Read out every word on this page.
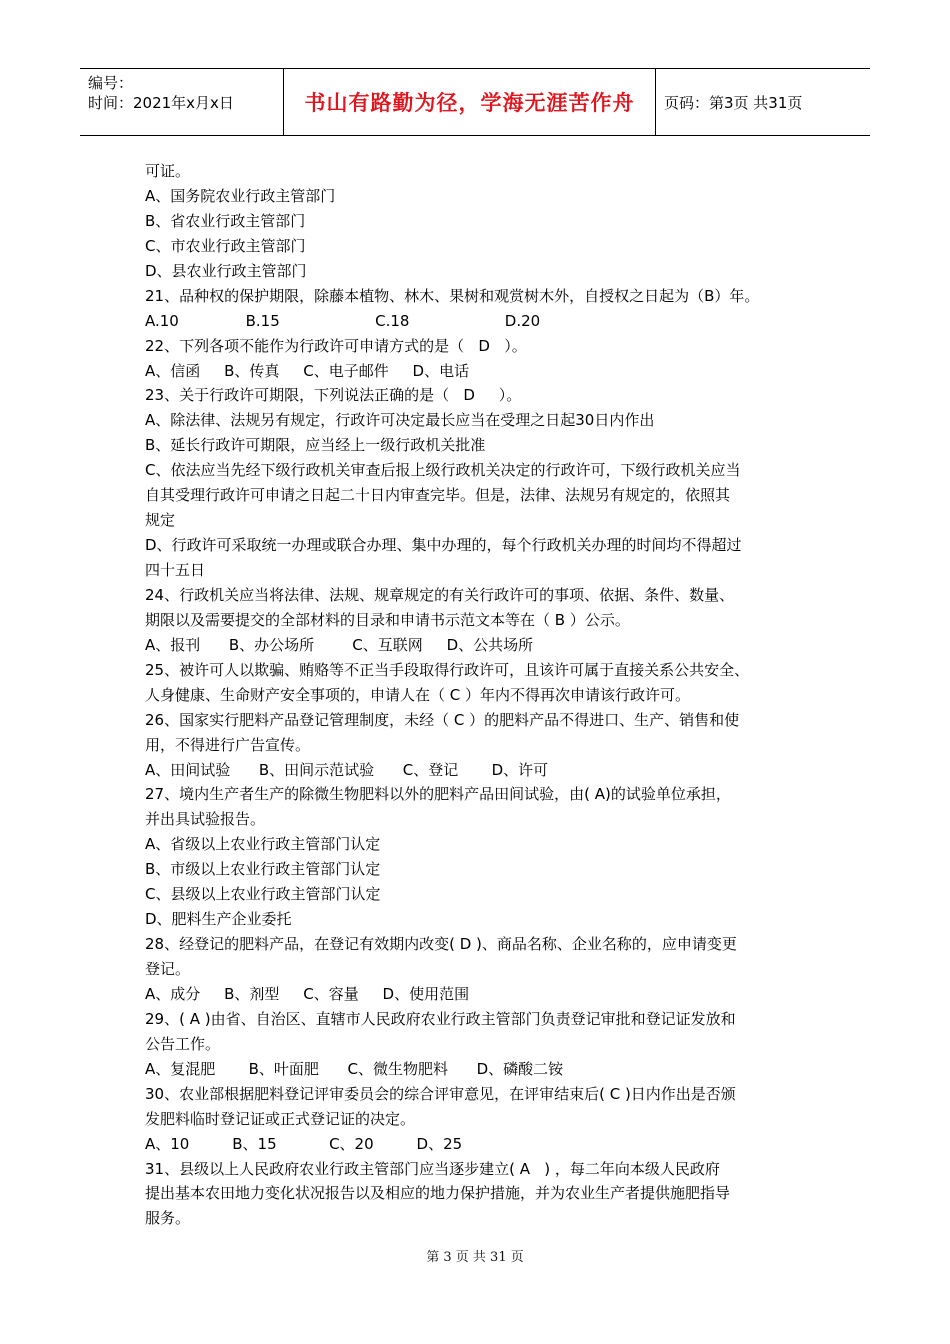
编号：
时间：2021年x月x日	书山有路勤为径，学海无涯苦作舟	页码：第3页 共31页
可证。
A、国务院农业行政主管部门
B、省农业行政主管部门
C、市农业行政主管部门
D、县农业行政主管部门
21、品种权的保护期限，除藤本植物、林木、果树和观赏树木外，自授权之日起为（B）年。
A.10              B.15                    C.18                    D.20
22、下列各项不能作为行政许可申请方式的是（   D   ）。
A、信函     B、传真     C、电子邮件     D、电话
23、关于行政许可期限，下列说法正确的是（   D     ）。
A、除法律、法规另有规定，行政许可决定最长应当在受理之日起30日内作出
B、延长行政许可期限，应当经上一级行政机关批准
C、依法应当先经下级行政机关审查后报上级行政机关决定的行政许可，下级行政机关应当
自其受理行政许可申请之日起二十日内审查完毕。但是，法律、法规另有规定的，依照其
规定
D、行政许可采取统一办理或联合办理、集中办理的，每个行政机关办理的时间均不得超过
四十五日
24、行政机关应当将法律、法规、规章规定的有关行政许可的事项、依据、条件、数量、
期限以及需要提交的全部材料的目录和申请书示范文本等在（ B ）公示。
A、报刊      B、办公场所        C、互联网     D、公共场所
25、被许可人以欺骗、贿赂等不正当手段取得行政许可，且该许可属于直接关系公共安全、
人身健康、生命财产安全事项的，申请人在（ C ）年内不得再次申请该行政许可。
26、国家实行肥料产品登记管理制度，未经（ C ）的肥料产品不得进口、生产、销售和使
用，不得进行广告宣传。
A、田间试验      B、田间示范试验      C、登记       D、许可
27、境内生产者生产的除微生物肥料以外的肥料产品田间试验，由( A)的试验单位承担，
并出具试验报告。
A、省级以上农业行政主管部门认定
B、市级以上农业行政主管部门认定
C、县级以上农业行政主管部门认定
D、肥料生产企业委托
28、经登记的肥料产品，在登记有效期内改变( D )、商品名称、企业名称的，应申请变更
登记。
A、成分     B、剂型     C、容量     D、使用范围
29、( A )由省、自治区、直辖市人民政府农业行政主管部门负责登记审批和登记证发放和
公告工作。
A、复混肥       B、叶面肥      C、微生物肥料      D、磷酸二铵
30、农业部根据肥料登记评审委员会的综合评审意见，在评审结束后( C )日内作出是否颁
发肥料临时登记证或正式登记证的决定。
A、10         B、15           C、20         D、25
31、县级以上人民政府农业行政主管部门应当逐步建立( A   ) ，每二年向本级人民政府
提出基本农田地力变化状况报告以及相应的地力保护措施，并为农业生产者提供施肥指导
服务。
第 3 页 共 31 页
